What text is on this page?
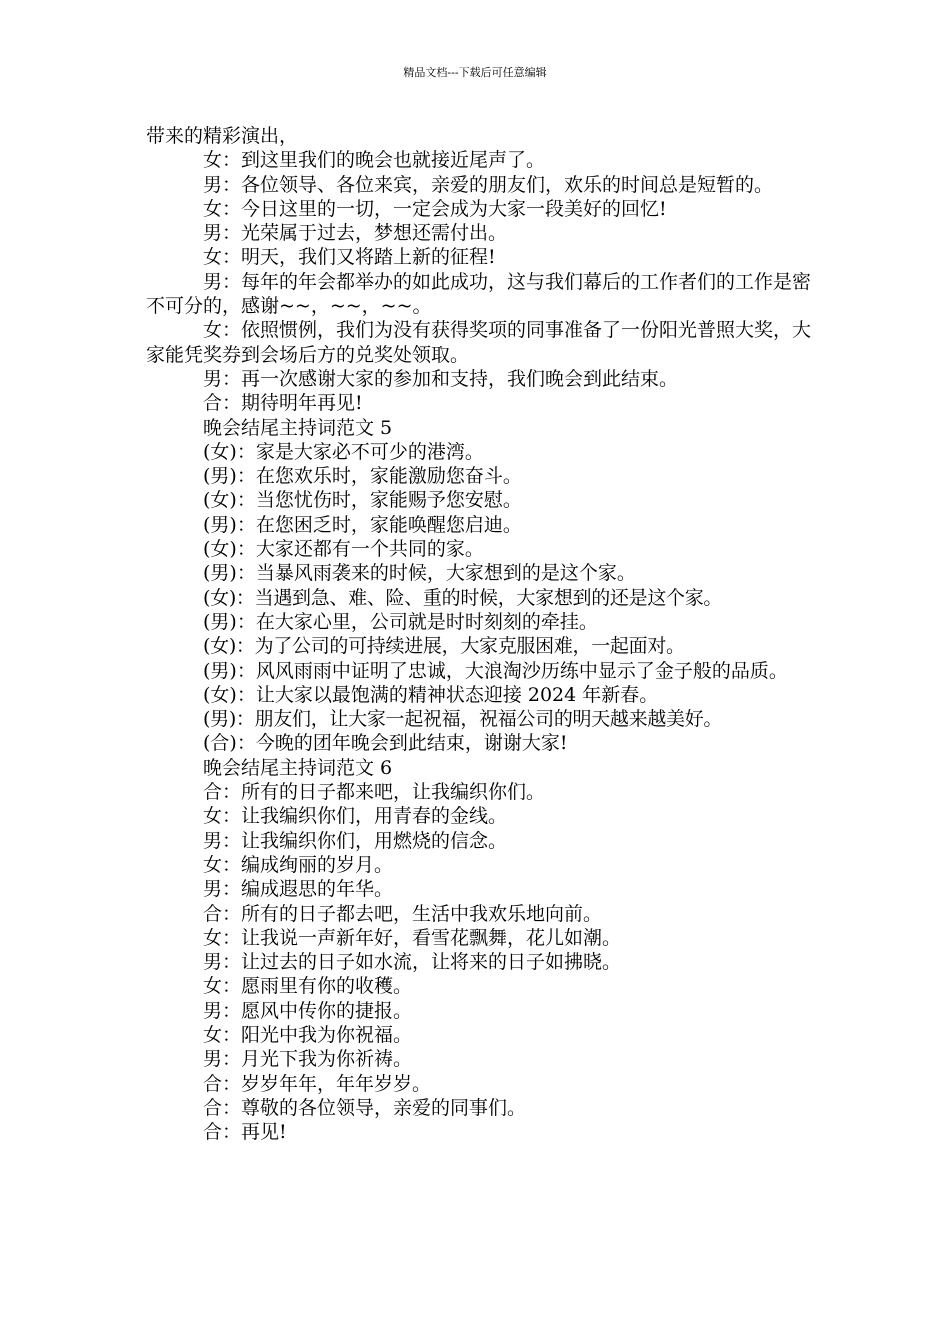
精品文档---下载后可任意编辑

带来的精彩演出，

女：到这里我们的晚会也就接近尾声了。

男：各位领导、各位来宾，亲爱的朋友们，欢乐的时间总是短暂的。

女：今日这里的一切，一定会成为大家一段美好的回忆!

男：光荣属于过去，梦想还需付出。

女：明天，我们又将踏上新的征程!

男：每年的年会都举办的如此成功，这与我们幕后的工作者们的工作是密不可分的，感谢~~，~~，~~。

女：依照惯例，我们为没有获得奖项的同事准备了一份阳光普照大奖，大家能凭奖券到会场后方的兑奖处领取。

男：再一次感谢大家的参加和支持，我们晚会到此结束。

合：期待明年再见!

晚会结尾主持词范文 5

(女)：家是大家必不可少的港湾。

(男)：在您欢乐时，家能激励您奋斗。

(女)：当您忧伤时，家能赐予您安慰。

(男)：在您困乏时，家能唤醒您启迪。

(女)：大家还都有一个共同的家。

(男)：当暴风雨袭来的时候，大家想到的是这个家。

(女)：当遇到急、难、险、重的时候，大家想到的还是这个家。

(男)：在大家心里，公司就是时时刻刻的牵挂。

(女)：为了公司的可持续进展，大家克服困难，一起面对。

(男)：风风雨雨中证明了忠诚，大浪淘沙历练中显示了金子般的品质。

(女)：让大家以最饱满的精神状态迎接 2024 年新春。

(男)：朋友们，让大家一起祝福，祝福公司的明天越来越美好。

(合)：今晚的团年晚会到此结束，谢谢大家!

晚会结尾主持词范文 6

合：所有的日子都来吧，让我编织你们。

女：让我编织你们，用青春的金线。

男：让我编织你们，用燃烧的信念。

女：编成绚丽的岁月。

男：编成遐思的年华。

合：所有的日子都去吧，生活中我欢乐地向前。

女：让我说一声新年好，看雪花飘舞，花儿如潮。

男：让过去的日子如水流，让将来的日子如拂晓。

女：愿雨里有你的收穫。

男：愿风中传你的捷报。

女：阳光中我为你祝福。

男：月光下我为你祈祷。

合：岁岁年年，年年岁岁。

合：尊敬的各位领导，亲爱的同事们。

合：再见!
